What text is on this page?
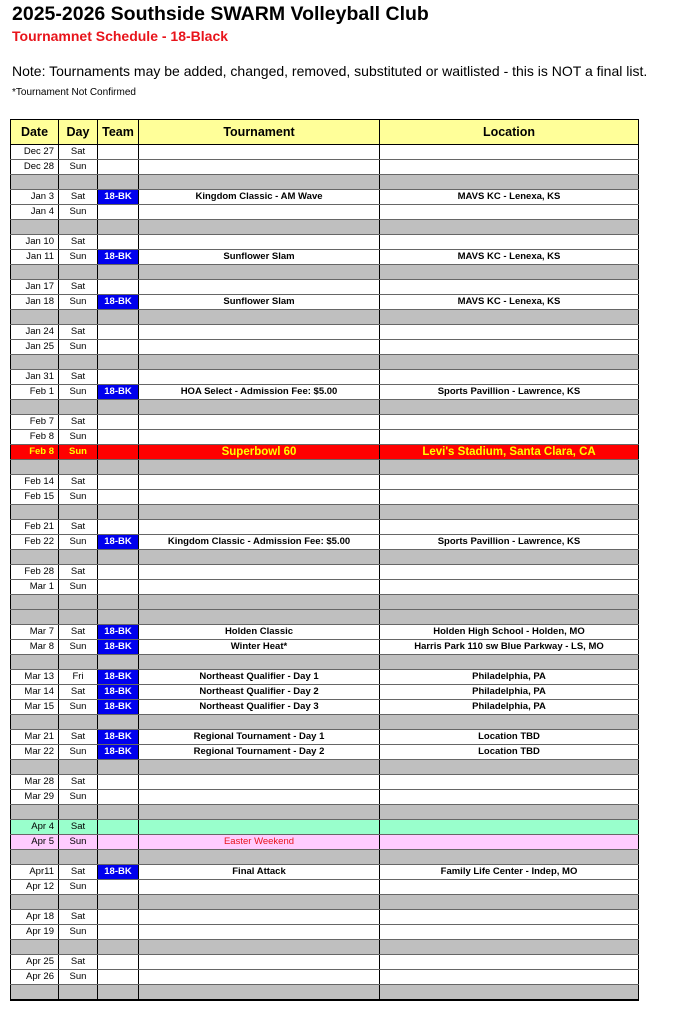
2025-2026 Southside SWARM Volleyball Club
Tournamnet Schedule - 18-Black
Note: Tournaments may be added, changed, removed, substituted or waitlisted - this is NOT a final list.
*Tournament Not Confirmed
Date	Day	Team	Tournament	Location
Dec 27	Sat			
Dec 28	Sun			

Jan 3	Sat	18-BK	Kingdom Classic - AM Wave	MAVS KC - Lenexa, KS
Jan 4	Sun			

Jan 10	Sat			
Jan 11	Sun	18-BK	Sunflower Slam	MAVS KC - Lenexa, KS

Jan 17	Sat			
Jan 18	Sun	18-BK	Sunflower Slam	MAVS KC - Lenexa, KS

Jan 24	Sat			
Jan 25	Sun			

Jan 31	Sat			
Feb 1	Sun	18-BK	HOA Select - Admission Fee: $5.00	Sports Pavillion - Lawrence, KS

Feb 7	Sat			
Feb 8	Sun			
Feb 8	Sun		Superbowl 60	Levi's Stadium, Santa Clara, CA

Feb 14	Sat			
Feb 15	Sun			

Feb 21	Sat			
Feb 22	Sun	18-BK	Kingdom Classic - Admission Fee: $5.00	Sports Pavillion - Lawrence, KS

Feb 28	Sat			
Mar 1	Sun			

Mar 7	Sat	18-BK	Holden Classic	Holden High School - Holden, MO
Mar 8	Sun	18-BK	Winter Heat*	Harris Park 110 sw Blue Parkway - LS, MO

Mar 13	Fri	18-BK	Northeast Qualifier - Day 1	Philadelphia, PA
Mar 14	Sat	18-BK	Northeast Qualifier - Day 2	Philadelphia, PA
Mar 15	Sun	18-BK	Northeast Qualifier - Day 3	Philadelphia, PA

Mar 21	Sat	18-BK	Regional Tournament - Day 1	Location TBD
Mar 22	Sun	18-BK	Regional Tournament - Day 2	Location TBD

Mar 28	Sat			
Mar 29	Sun			

Apr 4	Sat			
Apr 5	Sun		Easter Weekend	

Apr11	Sat	18-BK	Final Attack	Family Life Center - Indep, MO
Apr 12	Sun			

Apr 18	Sat			
Apr 19	Sun			

Apr 25	Sat			
Apr 26	Sun			
